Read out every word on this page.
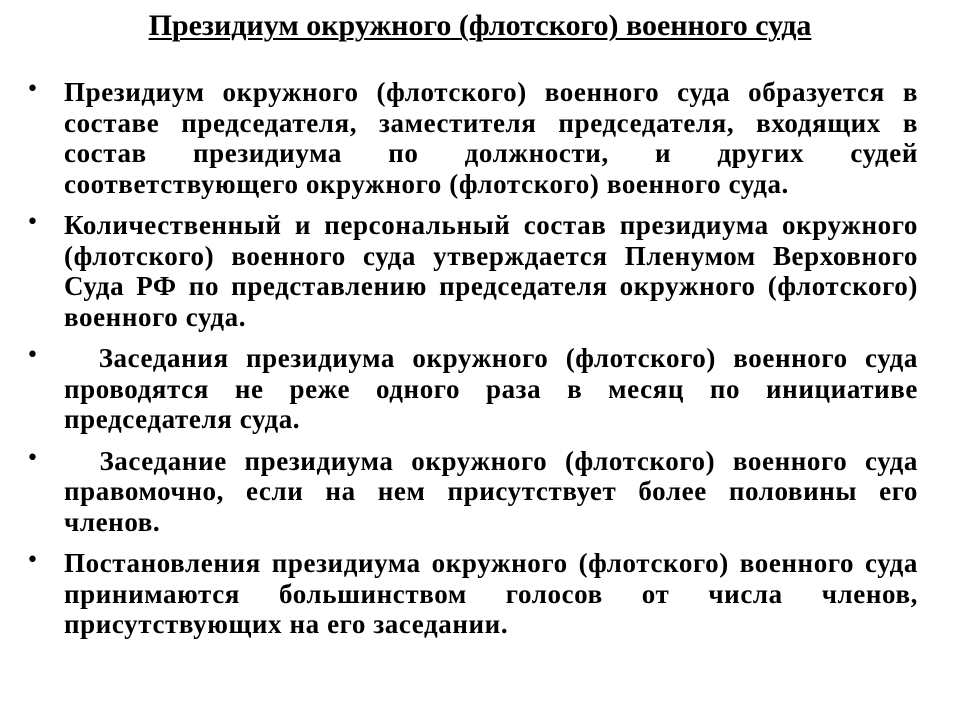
Президиум окружного (флотского) военного суда
• Президиум окружного (флотского) военного суда образуется в составе председателя, заместителя председателя, входящих в состав президиума по должности, и других судей соответствующего окружного (флотского) военного суда.
• Количественный и персональный состав президиума окружного (флотского) военного суда утверждается Пленумом Верховного Суда РФ по представлению председателя окружного (флотского) военного суда.
• Заседания президиума окружного (флотского) военного суда проводятся не реже одного раза в месяц по инициативе председателя суда.
• Заседание президиума окружного (флотского) военного суда правомочно, если на нем присутствует более половины его членов.
• Постановления президиума окружного (флотского) военного суда принимаются большинством голосов от числа членов, присутствующих на его заседании.
